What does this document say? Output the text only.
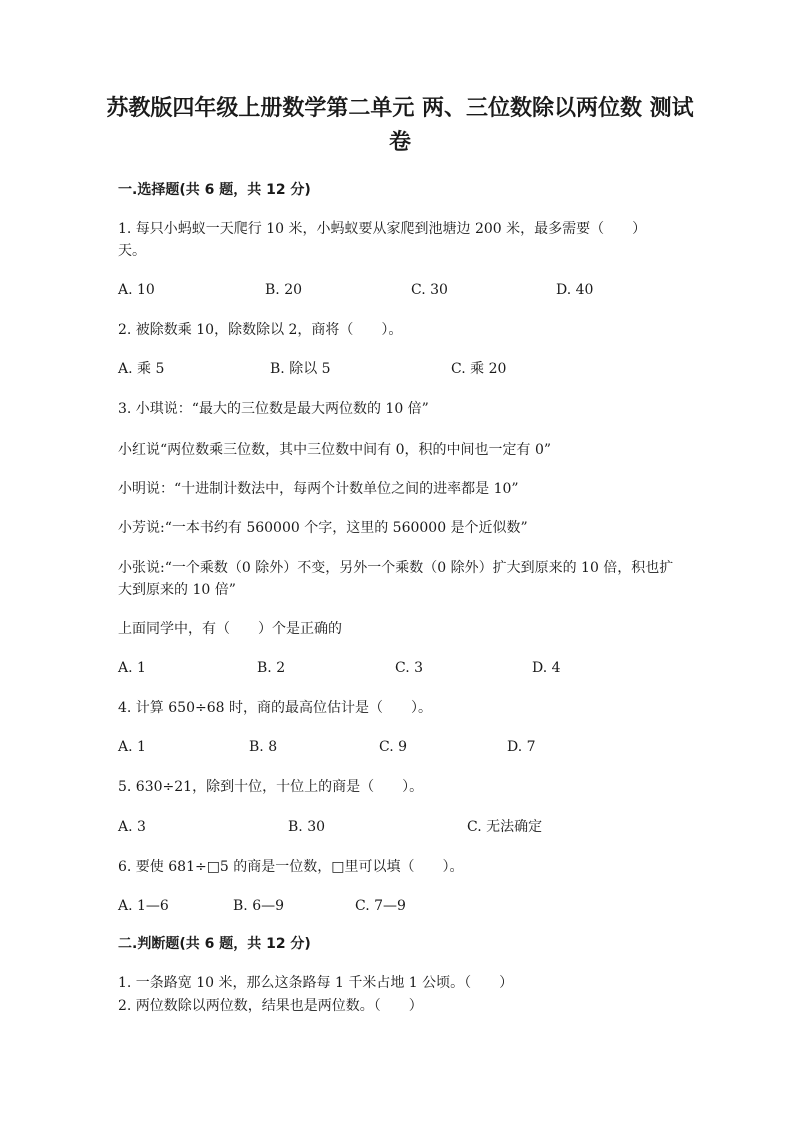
苏教版四年级上册数学第二单元 两、三位数除以两位数 测试卷
一.选择题(共 6 题，共 12 分)
1. 每只小蚂蚁一天爬行 10 米，小蚂蚁要从家爬到池塘边 200 米，最多需要（　　）天。
A. 10	B. 20	C. 30	D. 40
2. 被除数乘 10，除数除以 2，商将（　　）。
A. 乘 5	B. 除以 5	C. 乘 20
3. 小琪说：“最大的三位数是最大两位数的 10 倍”
小红说“两位数乘三位数，其中三位数中间有 0，积的中间也一定有 0”
小明说：“十进制计数法中，每两个计数单位之间的进率都是 10”
小芳说:“一本书约有 560000 个字，这里的 560000 是个近似数”
小张说:“一个乘数（0 除外）不变，另外一个乘数（0 除外）扩大到原来的 10 倍，积也扩大到原来的 10 倍”
上面同学中，有（　　）个是正确的
A. 1	B. 2	C. 3	D. 4
4. 计算 650÷68 时，商的最高位估计是（　　）。
A. 1	B. 8	C. 9	D. 7
5. 630÷21，除到十位，十位上的商是（　　）。
A. 3	B. 30	C. 无法确定
6. 要使 681÷□5 的商是一位数，□里可以填（　　）。
A. 1—6	B. 6—9	C. 7—9
二.判断题(共 6 题，共 12 分)
1. 一条路宽 10 米，那么这条路每 1 千米占地 1 公顷。（　　）
2. 两位数除以两位数，结果也是两位数。（　　）
